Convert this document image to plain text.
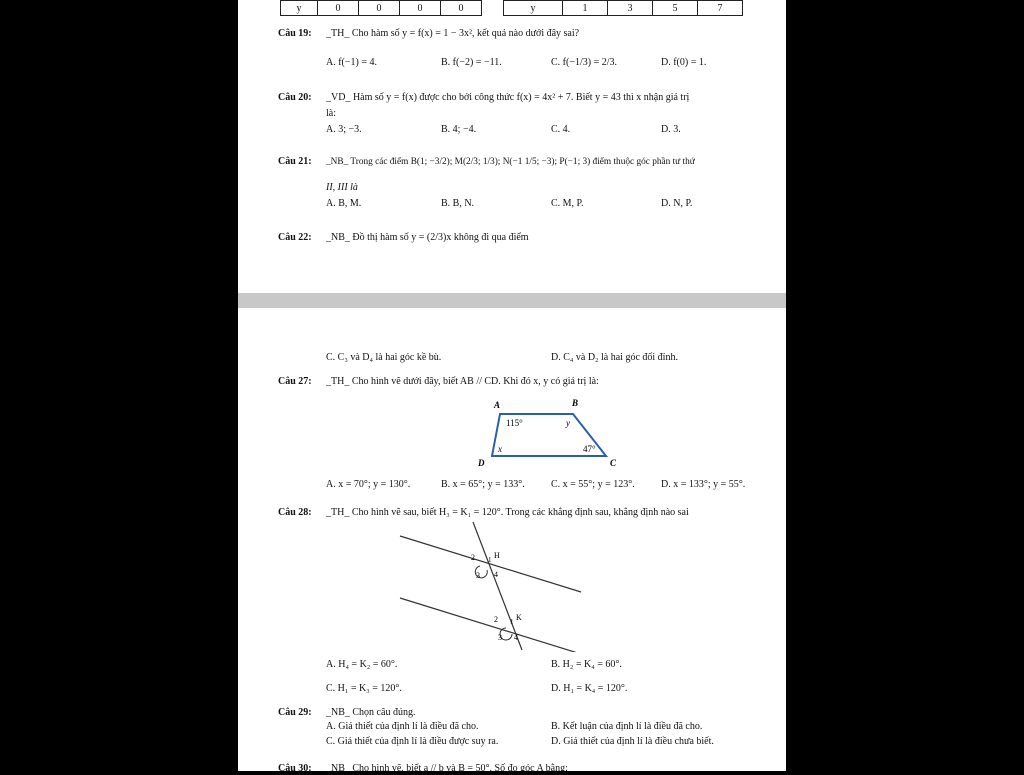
y	0	0	0	0	y	1	3	5	7
Câu 19: _TH_ Cho hàm số y = f(x) = 1 − 3x², kết quả nào dưới đây sai?
A. f(−1) = 4.	B. f(−2) = −11.	C. f(−1/3) = 2/3.	D. f(0) = 1.
Câu 20: _VD_ Hàm số y = f(x) được cho bởi công thức f(x) = 4x² + 7. Biết y = 43 thì x nhận giá trị
là:
A. 3; −3.	B. 4; −4.	C. 4.	D. 3.
Câu 21: _NB_ Trong các điểm B(1; −3/2); M(2/3; 1/3); N(−1 1/5; −3); P(−1; 3) điểm thuộc góc phần tư thứ
II, III là
A. B, M.	B. B, N.	C. M, P.	D. N, P.
Câu 22: _NB_ Đồ thị hàm số y = (2/3)x không đi qua điểm
C. C₃ và D₄ là hai góc kề bù.	D. C₄ và D₂ là hai góc đối đỉnh.
Câu 27: _TH_ Cho hình vẽ dưới đây, biết AB // CD. Khi đó x, y có giá trị là:
A	B
C
D
115°	y
x	47°
A. x = 70°; y = 130°.	B. x = 65°; y = 133°.	C. x = 55°; y = 123°.	D. x = 133°; y = 55°.
Câu 28: _TH_ Cho hình vẽ sau, biết H₃ = K₁ = 120°. Trong các khẳng định sau, khẳng định nào sai
2 1 H
3 4
2 1 K
3 4
A. H₄ = K₂ = 60°.	B. H₂ = K₄ = 60°.
C. H₁ = K₃ = 120°.	D. H₁ = K₄ = 120°.
Câu 29: _NB_ Chọn câu đúng.
A. Giả thiết của định lí là điều đã cho.	B. Kết luận của định lí là điều đã cho.
C. Giả thiết của định lí là điều được suy ra.	D. Giả thiết của định lí là điều chưa biết.
Câu 30: _NB_ Cho hình vẽ, biết a // b và B = 50°. Số đo góc A bằng:
